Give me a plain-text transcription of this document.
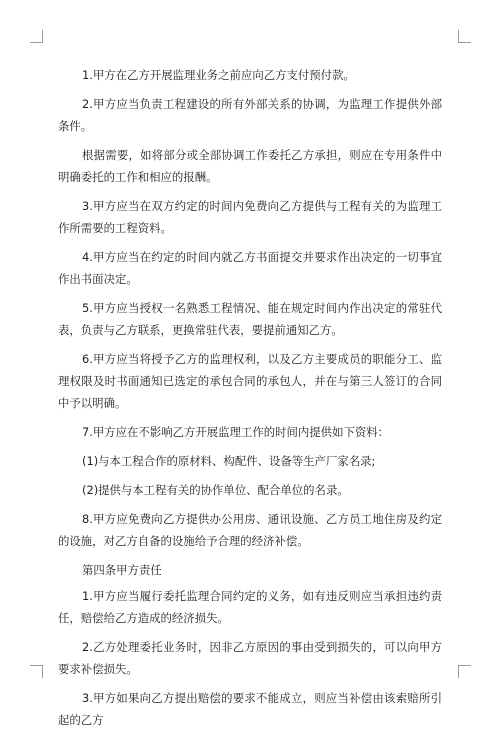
1.甲方在乙方开展监理业务之前应向乙方支付预付款。

2.甲方应当负责工程建设的所有外部关系的协调，为监理工作提供外部条件。

根据需要，如将部分或全部协调工作委托乙方承担，则应在专用条件中明确委托的工作和相应的报酬。

3.甲方应当在双方约定的时间内免费向乙方提供与工程有关的为监理工作所需要的工程资料。

4.甲方应当在约定的时间内就乙方书面提交并要求作出决定的一切事宜作出书面决定。

5.甲方应当授权一名熟悉工程情况、能在规定时间内作出决定的常驻代表，负责与乙方联系，更换常驻代表，要提前通知乙方。

6.甲方应当将授予乙方的监理权利，以及乙方主要成员的职能分工、监理权限及时书面通知已选定的承包合同的承包人，并在与第三人签订的合同中予以明确。

7.甲方应在不影响乙方开展监理工作的时间内提供如下资料：

(1)与本工程合作的原材料、构配件、设备等生产厂家名录;

(2)提供与本工程有关的协作单位、配合单位的名录。

8.甲方应免费向乙方提供办公用房、通讯设施、乙方员工地住房及约定的设施，对乙方自备的设施给予合理的经济补偿。

第四条甲方责任

1.甲方应当履行委托监理合同约定的义务，如有违反则应当承担违约责任，赔偿给乙方造成的经济损失。

2.乙方处理委托业务时，因非乙方原因的事由受到损失的，可以向甲方要求补偿损失。

3.甲方如果向乙方提出赔偿的要求不能成立，则应当补偿由该索赔所引起的乙方
